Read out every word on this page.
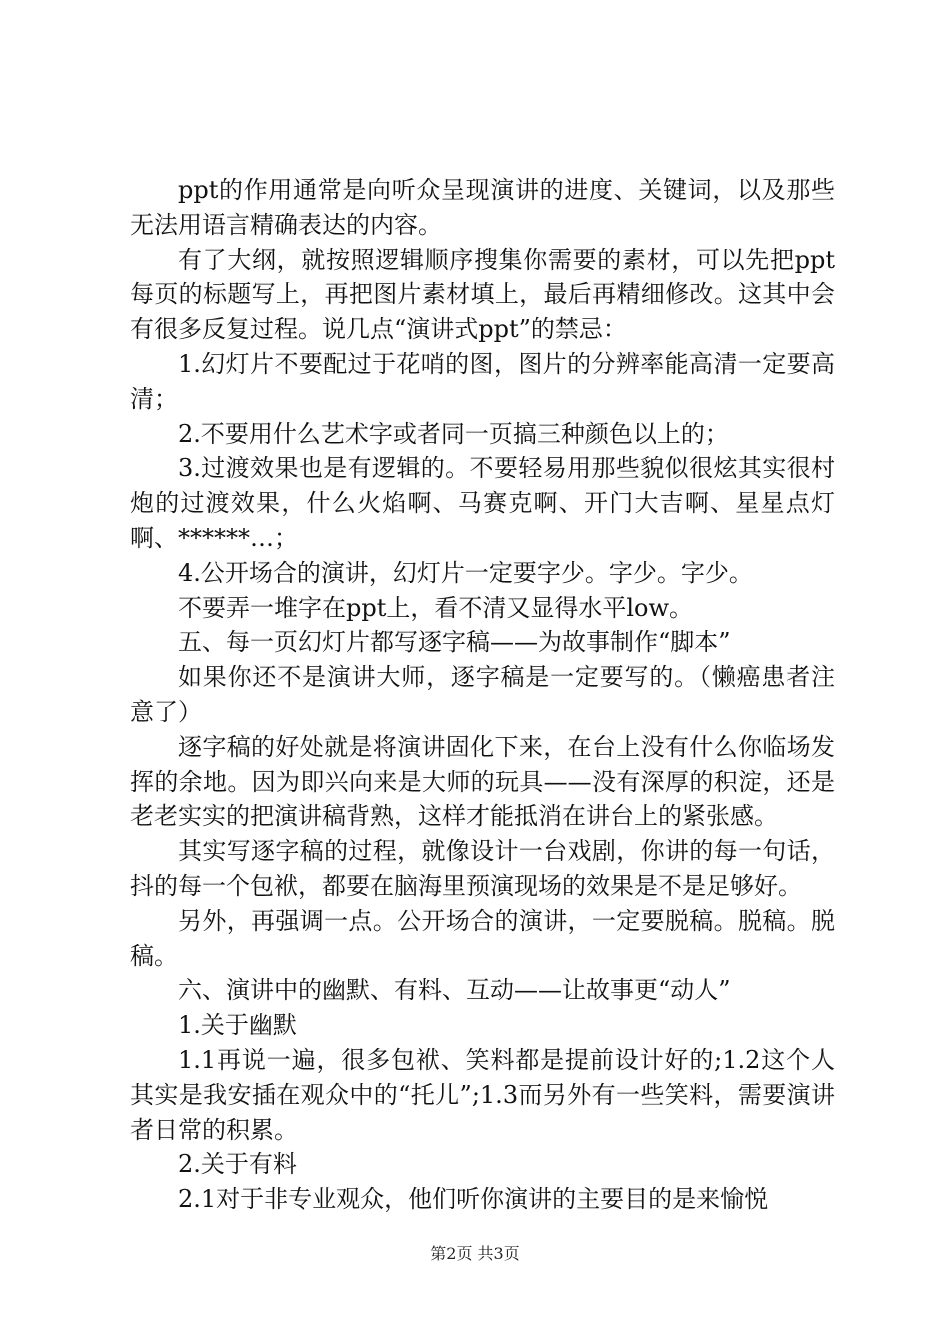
ppt的作用通常是向听众呈现演讲的进度、关键词，以及那些无法用语言精确表达的内容。

有了大纲，就按照逻辑顺序搜集你需要的素材，可以先把ppt每页的标题写上，再把图片素材填上，最后再精细修改。这其中会有很多反复过程。说几点“演讲式ppt”的禁忌：

1.幻灯片不要配过于花哨的图，图片的分辨率能高清一定要高清；

2.不要用什么艺术字或者同一页搞三种颜色以上的；

3.过渡效果也是有逻辑的。不要轻易用那些貌似很炫其实很村炮的过渡效果，什么火焰啊、马赛克啊、开门大吉啊、星星点灯啊、******…；

4.公开场合的演讲，幻灯片一定要字少。字少。字少。

不要弄一堆字在ppt上，看不清又显得水平low。

五、每一页幻灯片都写逐字稿——为故事制作“脚本”

如果你还不是演讲大师，逐字稿是一定要写的。（懒癌患者注意了）

逐字稿的好处就是将演讲固化下来，在台上没有什么你临场发挥的余地。因为即兴向来是大师的玩具——没有深厚的积淀，还是老老实实的把演讲稿背熟，这样才能抵消在讲台上的紧张感。

其实写逐字稿的过程，就像设计一台戏剧，你讲的每一句话，抖的每一个包袱，都要在脑海里预演现场的效果是不是足够好。

另外，再强调一点。公开场合的演讲，一定要脱稿。脱稿。脱稿。

六、演讲中的幽默、有料、互动——让故事更“动人”

1.关于幽默

1.1再说一遍，很多包袱、笑料都是提前设计好的;1.2这个人其实是我安插在观众中的“托儿”;1.3而另外有一些笑料，需要演讲者日常的积累。

2.关于有料

2.1对于非专业观众，他们听你演讲的主要目的是来愉悦

第2页 共3页
